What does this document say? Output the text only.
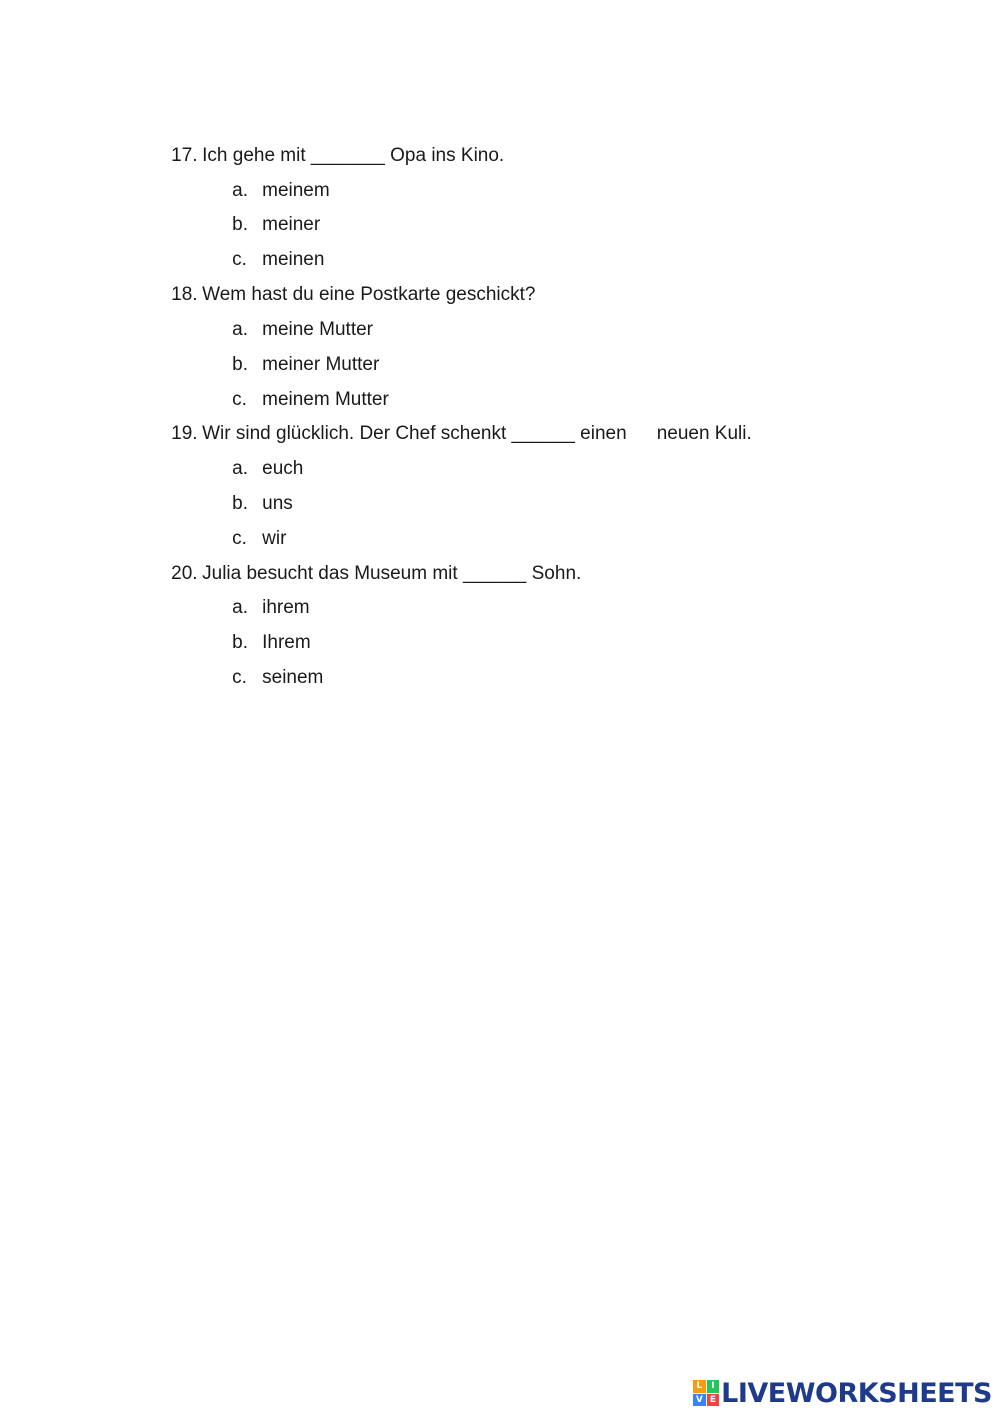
17. Ich gehe mit _______ Opa ins Kino.

a. meinem

b. meiner

c. meinen

18. Wem hast du eine Postkarte geschickt?

a. meine Mutter

b. meiner Mutter

c. meinem Mutter

19. Wir sind glücklich. Der Chef schenkt ______ einen neuen Kuli.

a. euch

b. uns

c. wir

20. Julia besucht das Museum mit ______ Sohn.

a. ihrem

b. Ihrem

c. seinem

L I
V E LIVEWORKSHEETS
